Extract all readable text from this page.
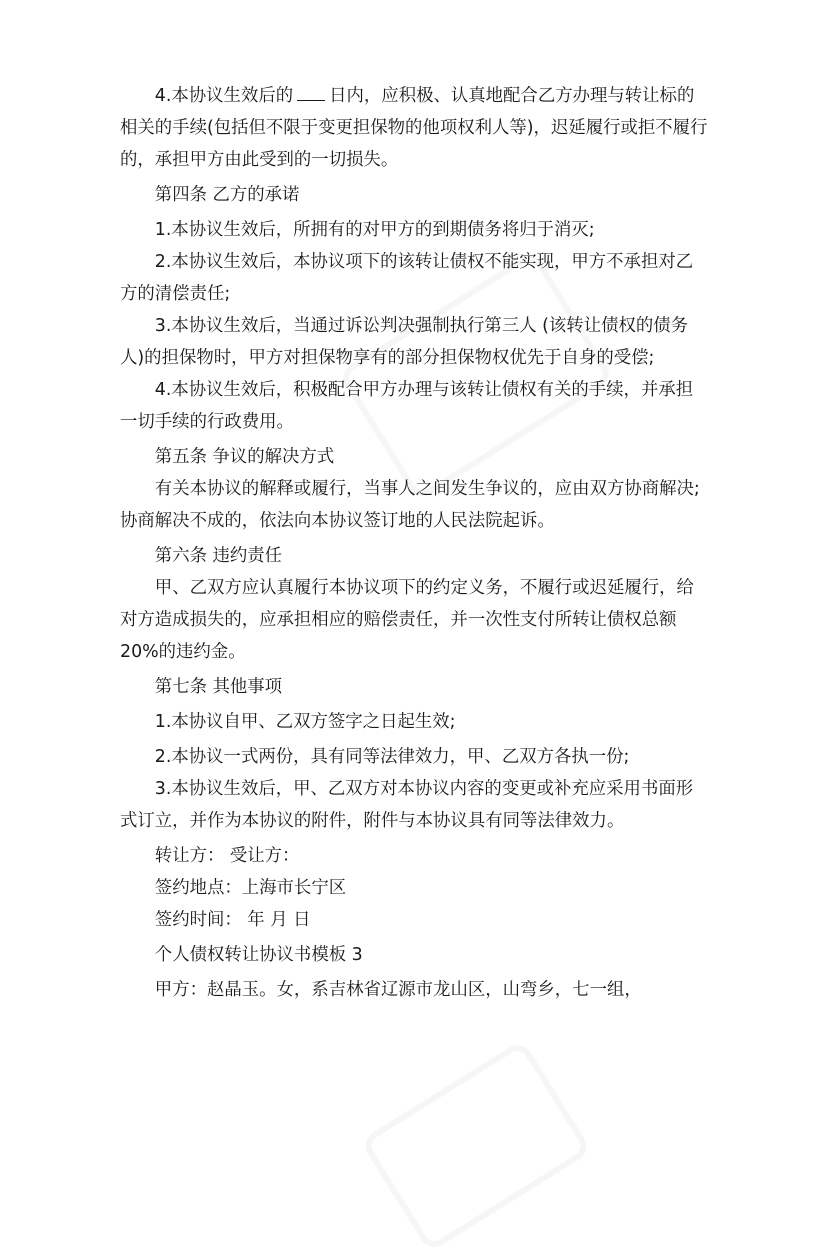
4.本协议生效后的 日内，应积极、认真地配合乙方办理与转让标的相关的手续(包括但不限于变更担保物的他项权利人等)，迟延履行或拒不履行的，承担甲方由此受到的一切损失。

第四条 乙方的承诺

1.本协议生效后，所拥有的对甲方的到期债务将归于消灭;

2.本协议生效后，本协议项下的该转让债权不能实现，甲方不承担对乙方的清偿责任;

3.本协议生效后，当通过诉讼判决强制执行第三人 (该转让债权的债务人)的担保物时，甲方对担保物享有的部分担保物权优先于自身的受偿;

4.本协议生效后，积极配合甲方办理与该转让债权有关的手续，并承担一切手续的行政费用。

第五条 争议的解决方式

有关本协议的解释或履行，当事人之间发生争议的，应由双方协商解决;协商解决不成的，依法向本协议签订地的人民法院起诉。

第六条 违约责任

甲、乙双方应认真履行本协议项下的约定义务，不履行或迟延履行，给对方造成损失的，应承担相应的赔偿责任，并一次性支付所转让债权总额 20%的违约金。

第七条 其他事项

1.本协议自甲、乙双方签字之日起生效;

2.本协议一式两份，具有同等法律效力，甲、乙双方各执一份;

3.本协议生效后，甲、乙双方对本协议内容的变更或补充应采用书面形式订立，并作为本协议的附件，附件与本协议具有同等法律效力。

转让方： 受让方：

签约地点：上海市长宁区

签约时间： 年 月 日

个人债权转让协议书模板 3

甲方：赵晶玉。女，系吉林省辽源市龙山区，山弯乡，七一组，
